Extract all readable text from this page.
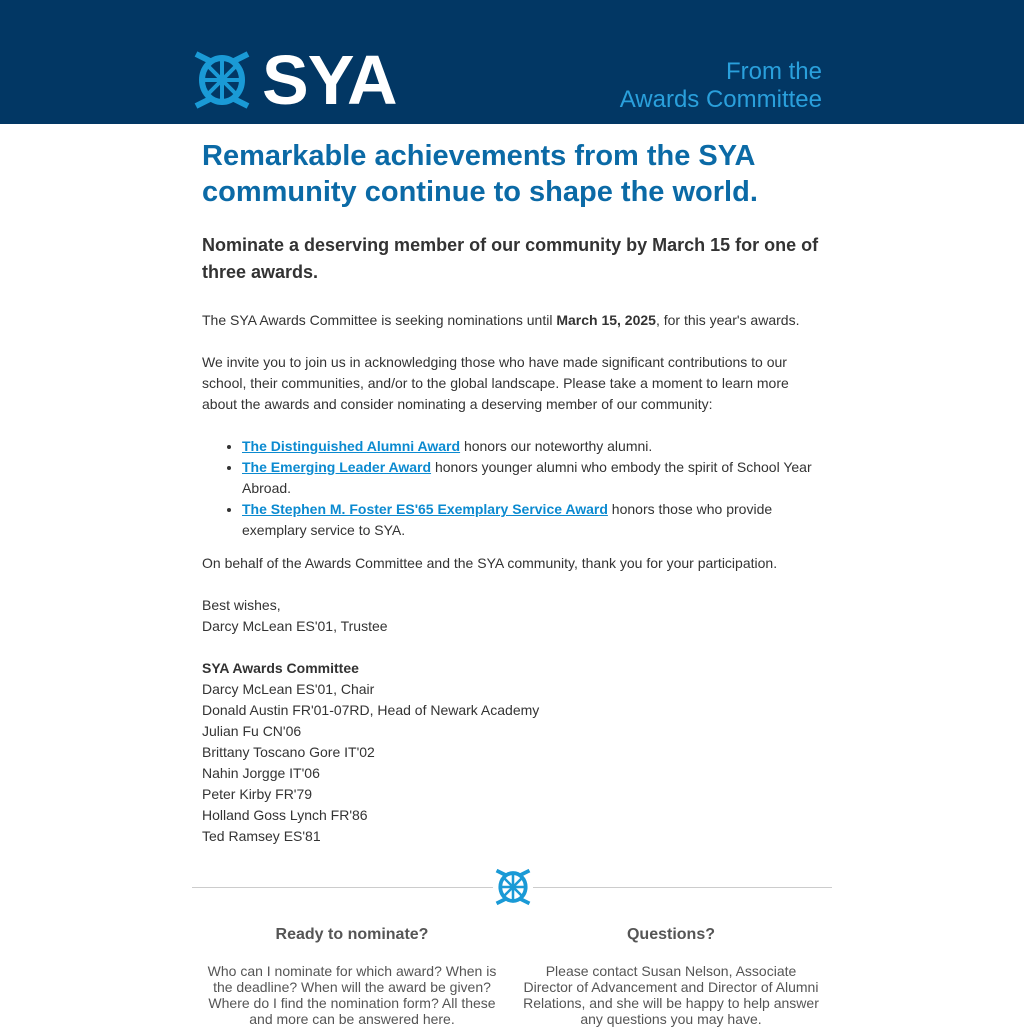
SYA	From the
Awards Committee
Remarkable achievements from the SYA community continue to shape the world.
Nominate a deserving member of our community by March 15 for one of three awards.

The SYA Awards Committee is seeking nominations until March 15, 2025, for this year's awards.

We invite you to join us in acknowledging those who have made significant contributions to our school, their communities, and/or to the global landscape. Please take a moment to learn more about the awards and consider nominating a deserving member of our community:

• The Distinguished Alumni Award honors our noteworthy alumni.
• The Emerging Leader Award honors younger alumni who embody the spirit of School Year Abroad.
• The Stephen M. Foster ES'65 Exemplary Service Award honors those who provide exemplary service to SYA.

On behalf of the Awards Committee and the SYA community, thank you for your participation.

Best wishes,
Darcy McLean ES'01, Trustee

SYA Awards Committee
Darcy McLean ES'01, Chair
Donald Austin FR'01-07RD, Head of Newark Academy
Julian Fu CN'06
Brittany Toscano Gore IT'02
Nahin Jorgge IT'06
Peter Kirby FR'79
Holland Goss Lynch FR'86
Ted Ramsey ES'81

Ready to nominate?

Who can I nominate for which award? When is the deadline? When will the award be given? Where do I find the nomination form? All these and more can be answered here.

Questions?

Please contact Susan Nelson, Associate Director of Advancement and Director of Alumni Relations, and she will be happy to help answer any questions you may have.
